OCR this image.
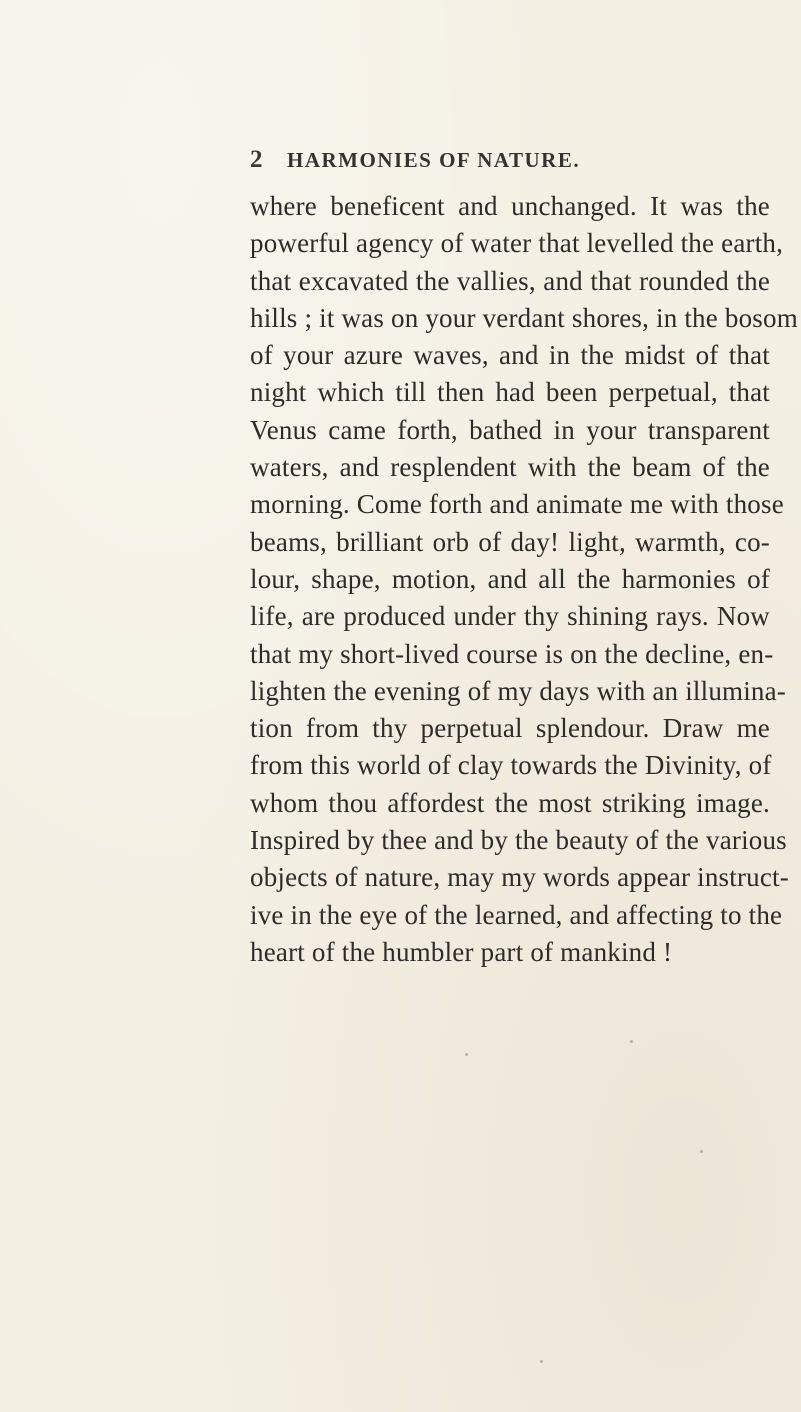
2 HARMONIES OF NATURE.
where beneficent and unchanged. It was the
powerful agency of water that levelled the earth,
that excavated the vallies, and that rounded the
hills ; it was on your verdant shores, in the bosom
of your azure waves, and in the midst of that
night which till then had been perpetual, that
Venus came forth, bathed in your transparent
waters, and resplendent with the beam of the
morning. Come forth and animate me with those
beams, brilliant orb of day! light, warmth, co-
lour, shape, motion, and all the harmonies of
life, are produced under thy shining rays. Now
that my short-lived course is on the decline, en-
lighten the evening of my days with an illumina-
tion from thy perpetual splendour. Draw me
from this world of clay towards the Divinity, of
whom thou affordest the most striking image.
Inspired by thee and by the beauty of the various
objects of nature, may my words appear instruct-
ive in the eye of the learned, and affecting to the
heart of the humbler part of mankind !
